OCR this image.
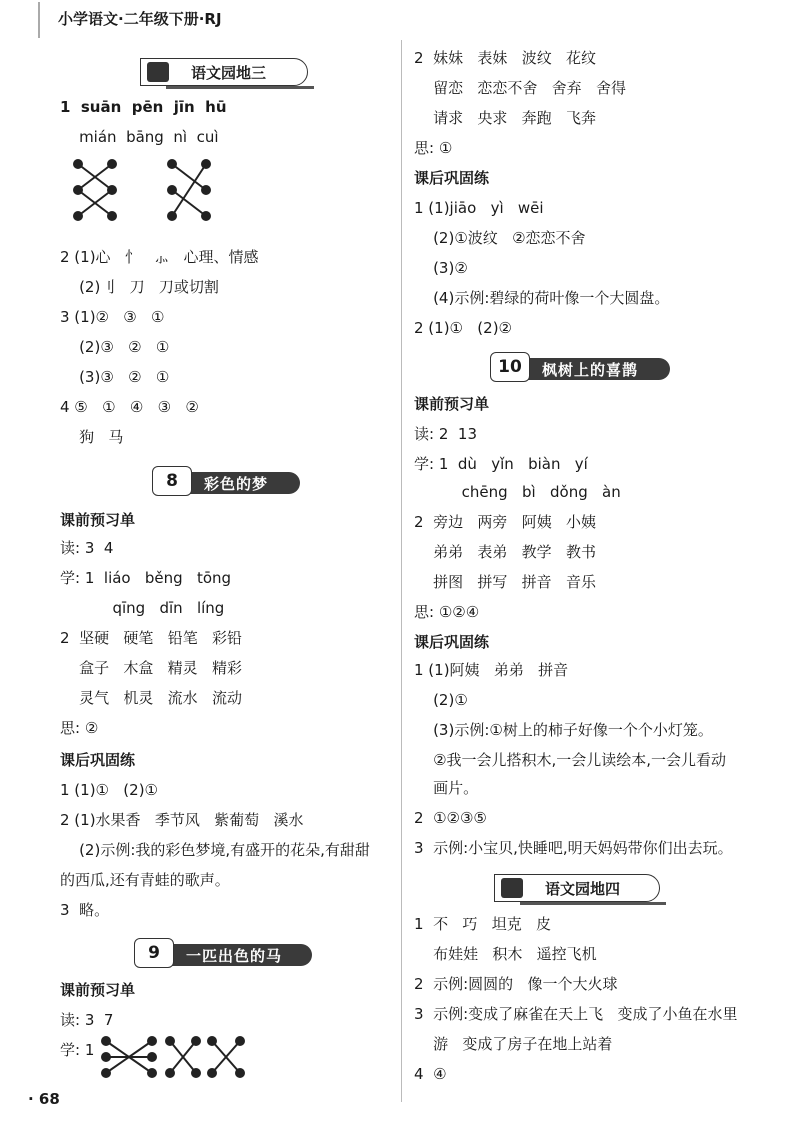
小学语文·二年级下册·RJ
语文园地三
1  suān  pēn  jīn  hū
mián  bāng  nì  cuì
2 (1)心   忄   ⺗   心理、情感
(2)刂   刀   刀或切割
3 (1)②   ③   ①
(2)③   ②   ①
(3)③   ②   ①
4 ⑤   ①   ④   ③   ②
狗   马
彩色的梦
8
课前预习单
读: 3  4
学: 1  liáo   běng   tōng
qīng   dīn   líng
2  坚硬   硬笔   铅笔   彩铅
盒子   木盒   精灵   精彩
灵气   机灵   流水   流动
思: ②
课后巩固练
1 (1)①   (2)①
2 (1)水果香   季节风   紫葡萄   溪水
(2)示例:我的彩色梦境,有盛开的花朵,有甜甜
的西瓜,还有青蛙的歌声。
3  略。
一匹出色的马
9
课前预习单
读: 3  7
学: 1
· 68
2  妹妹   表妹   波纹   花纹
留恋   恋恋不舍   舍弃   舍得
请求   央求   奔跑   飞奔
思: ①
课后巩固练
1 (1)jiāo   yì   wēi
(2)①波纹   ②恋恋不舍
(3)②
(4)示例:碧绿的荷叶像一个大圆盘。
2 (1)①   (2)②
枫树上的喜鹊
10
课前预习单
读: 2  13
学: 1  dù   yǐn   biàn   yí
chēng   bì   dǒng   àn
2  旁边   两旁   阿姨   小姨
弟弟   表弟   教学   教书
拼图   拼写   拼音   音乐
思: ①②④
课后巩固练
1 (1)阿姨   弟弟   拼音
(2)①
(3)示例:①树上的柿子好像一个个小灯笼。
②我一会儿搭积木,一会儿读绘本,一会儿看动
画片。
2  ①②③⑤
3  示例:小宝贝,快睡吧,明天妈妈带你们出去玩。
语文园地四
1  不   巧   坦克   皮
布娃娃   积木   遥控飞机
2  示例:圆圆的   像一个大火球
3  示例:变成了麻雀在天上飞   变成了小鱼在水里
游   变成了房子在地上站着
4  ④
